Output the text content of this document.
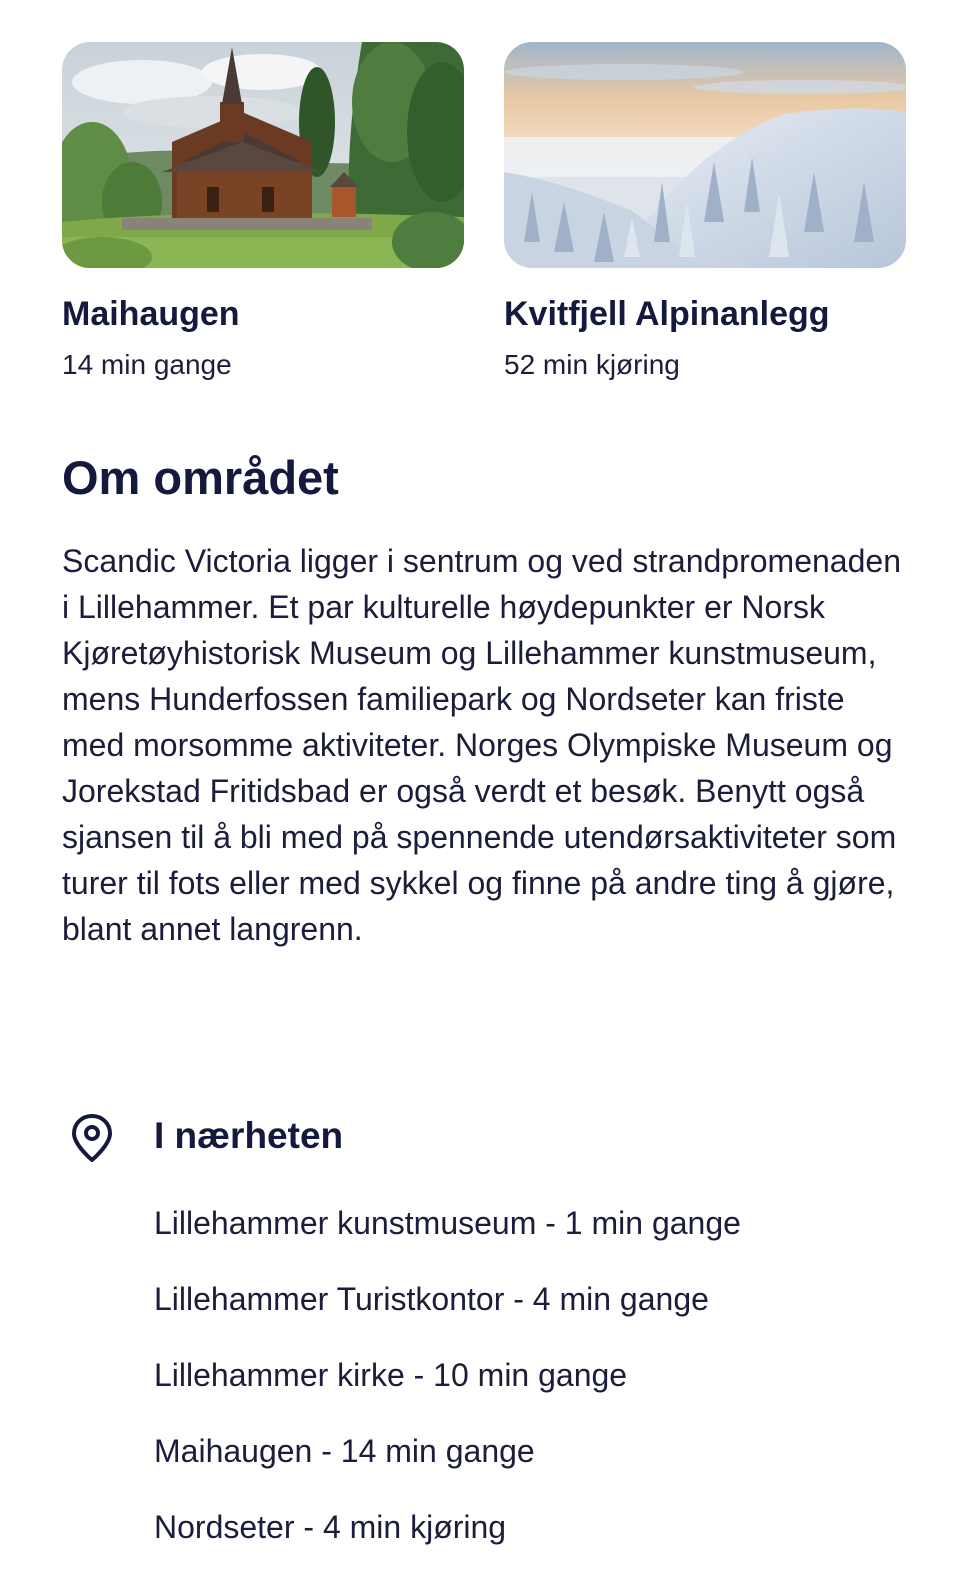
Maihaugen
14 min gange
Kvitfjell Alpinanlegg
52 min kjøring
Om området

Scandic Victoria ligger i sentrum og ved strandpromenaden i Lillehammer. Et par kulturelle høydepunkter er Norsk Kjøretøyhistorisk Museum og Lillehammer kunstmuseum, mens Hunderfossen familiepark og Nordseter kan friste med morsomme aktiviteter. Norges Olympiske Museum og Jorekstad Fritidsbad er også verdt et besøk. Benytt også sjansen til å bli med på spennende utendørsaktiviteter som turer til fots eller med sykkel og finne på andre ting å gjøre, blant annet langrenn.

I nærheten
Lillehammer kunstmuseum - 1 min gange
Lillehammer Turistkontor - 4 min gange
Lillehammer kirke - 10 min gange
Maihaugen - 14 min gange
Nordseter - 4 min kjøring
